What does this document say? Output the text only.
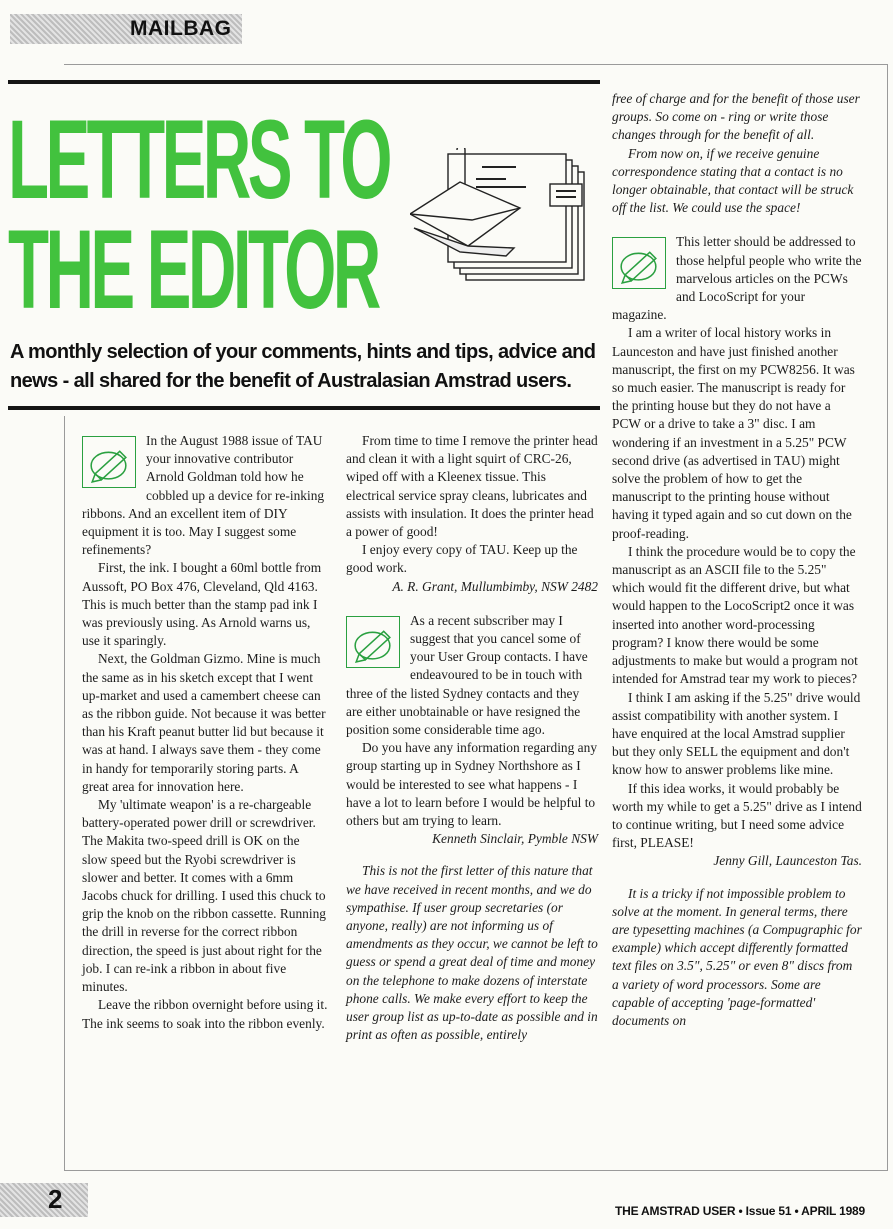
MAILBAG
LETTERS TO
THE EDITOR
A monthly selection of your comments, hints and tips, advice and news - all shared for the benefit of Australasian Amstrad users.

In the August 1988 issue of TAU your innovative contributor Arnold Goldman told how he cobbled up a device for re-inking ribbons. And an excellent item of DIY equipment it is too. May I suggest some refinements?

First, the ink. I bought a 60ml bottle from Aussoft, PO Box 476, Cleveland, Qld 4163. This is much better than the stamp pad ink I was previously using. As Arnold warns us, use it sparingly.

Next, the Goldman Gizmo. Mine is much the same as in his sketch except that I went up-market and used a camembert cheese can as the ribbon guide. Not because it was better than his Kraft peanut butter lid but because it was at hand. I always save them - they come in handy for temporarily storing parts. A great area for innovation here.

My 'ultimate weapon' is a re-chargeable battery-operated power drill or screwdriver. The Makita two-speed drill is OK on the slow speed but the Ryobi screwdriver is slower and better. It comes with a 6mm Jacobs chuck for drilling. I used this chuck to grip the knob on the ribbon cassette. Running the drill in reverse for the correct ribbon direction, the speed is just about right for the job. I can re-ink a ribbon in about five minutes.

Leave the ribbon overnight before using it. The ink seems to soak into the ribbon evenly.

From time to time I remove the printer head and clean it with a light squirt of CRC-26, wiped off with a Kleenex tissue. This electrical service spray cleans, lubricates and assists with insulation. It does the printer head a power of good!

I enjoy every copy of TAU. Keep up the good work.

A. R. Grant, Mullumbimby, NSW 2482

As a recent subscriber may I suggest that you cancel some of your User Group contacts. I have endeavoured to be in touch with three of the listed Sydney contacts and they are either unobtainable or have resigned the position some considerable time ago.

Do you have any information regarding any group starting up in Sydney Northshore as I would be interested to see what happens - I have a lot to learn before I would be helpful to others but am trying to learn.

Kenneth Sinclair, Pymble NSW

This is not the first letter of this nature that we have received in recent months, and we do sympathise. If user group secretaries (or anyone, really) are not informing us of amendments as they occur, we cannot be left to guess or spend a great deal of time and money on the telephone to make dozens of interstate phone calls. We make every effort to keep the user group list as up-to-date as possible and in print as often as possible, entirely

free of charge and for the benefit of those user groups. So come on - ring or write those changes through for the benefit of all.

From now on, if we receive genuine correspondence stating that a contact is no longer obtainable, that contact will be struck off the list. We could use the space!

This letter should be addressed to those helpful people who write the marvelous articles on the PCWs and LocoScript for your magazine.

I am a writer of local history works in Launceston and have just finished another manuscript, the first on my PCW8256. It was so much easier. The manuscript is ready for the printing house but they do not have a PCW or a drive to take a 3" disc. I am wondering if an investment in a 5.25" PCW second drive (as advertised in TAU) might solve the problem of how to get the manuscript to the printing house without having it typed again and so cut down on the proof-reading.

I think the procedure would be to copy the manuscript as an ASCII file to the 5.25" which would fit the different drive, but what would happen to the LocoScript2 once it was inserted into another word-processing program? I know there would be some adjustments to make but would a program not intended for Amstrad tear my work to pieces?

I think I am asking if the 5.25" drive would assist compatibility with another system. I have enquired at the local Amstrad supplier but they only SELL the equipment and don't know how to answer problems like mine.

If this idea works, it would probably be worth my while to get a 5.25" drive as I intend to continue writing, but I need some advice first, PLEASE!

Jenny Gill, Launceston Tas.

It is a tricky if not impossible problem to solve at the moment. In general terms, there are typesetting machines (a Compugraphic for example) which accept differently formatted text files on 3.5", 5.25" or even 8" discs from a variety of word processors. Some are capable of accepting 'page-formatted' documents on

2	THE AMSTRAD USER • Issue 51 • APRIL 1989
